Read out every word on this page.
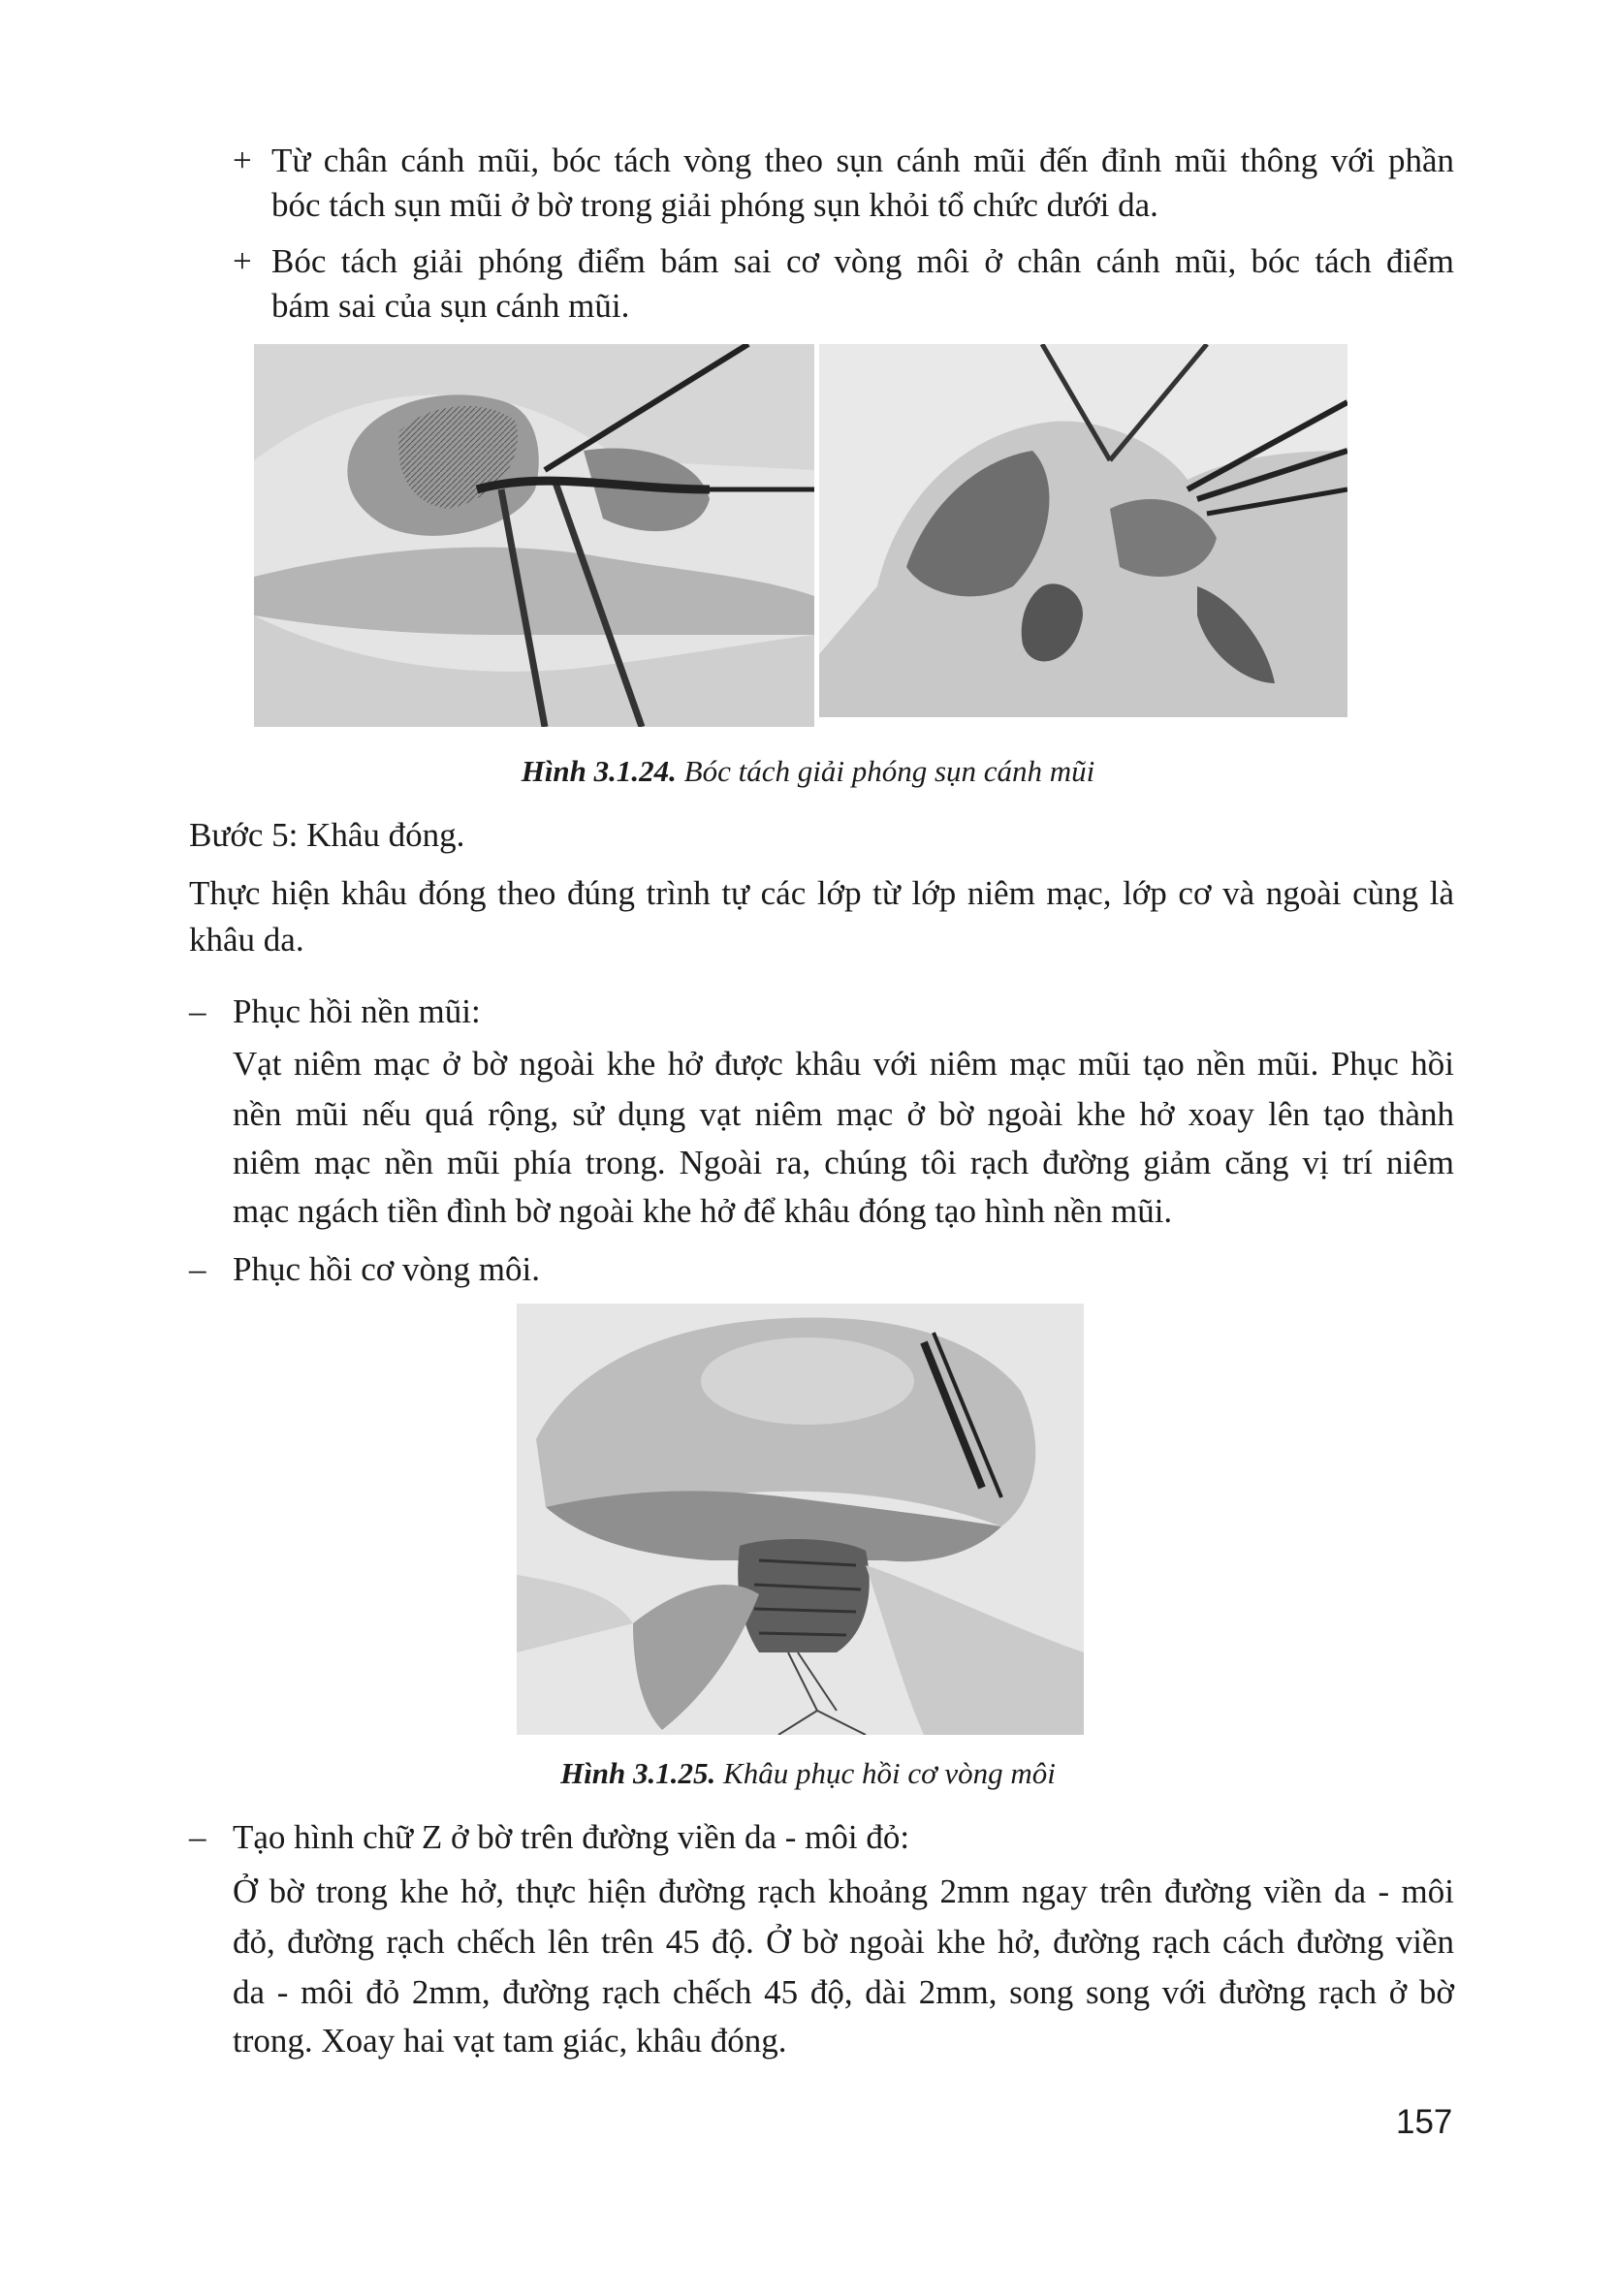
+ Từ chân cánh mũi, bóc tách vòng theo sụn cánh mũi đến đỉnh mũi thông với phần
bóc tách sụn mũi ở bờ trong giải phóng sụn khỏi tổ chức dưới da.
+ Bóc tách giải phóng điểm bám sai cơ vòng môi ở chân cánh mũi, bóc tách điểm
bám sai của sụn cánh mũi.
Hình 3.1.24. Bóc tách giải phóng sụn cánh mũi
Bước 5: Khâu đóng.
Thực hiện khâu đóng theo đúng trình tự các lớp từ lớp niêm mạc, lớp cơ và ngoài cùng là
khâu da.
– Phục hồi nền mũi:
Vạt niêm mạc ở bờ ngoài khe hở được khâu với niêm mạc mũi tạo nền mũi. Phục hồi
nền mũi nếu quá rộng, sử dụng vạt niêm mạc ở bờ ngoài khe hở xoay lên tạo thành
niêm mạc nền mũi phía trong. Ngoài ra, chúng tôi rạch đường giảm căng vị trí niêm
mạc ngách tiền đình bờ ngoài khe hở để khâu đóng tạo hình nền mũi.
– Phục hồi cơ vòng môi.
Hình 3.1.25. Khâu phục hồi cơ vòng môi
– Tạo hình chữ Z ở bờ trên đường viền da - môi đỏ:
Ở bờ trong khe hở, thực hiện đường rạch khoảng 2mm ngay trên đường viền da - môi
đỏ, đường rạch chếch lên trên 45 độ. Ở bờ ngoài khe hở, đường rạch cách đường viền
da - môi đỏ 2mm, đường rạch chếch 45 độ, dài 2mm, song song với đường rạch ở bờ
trong. Xoay hai vạt tam giác, khâu đóng.
157
